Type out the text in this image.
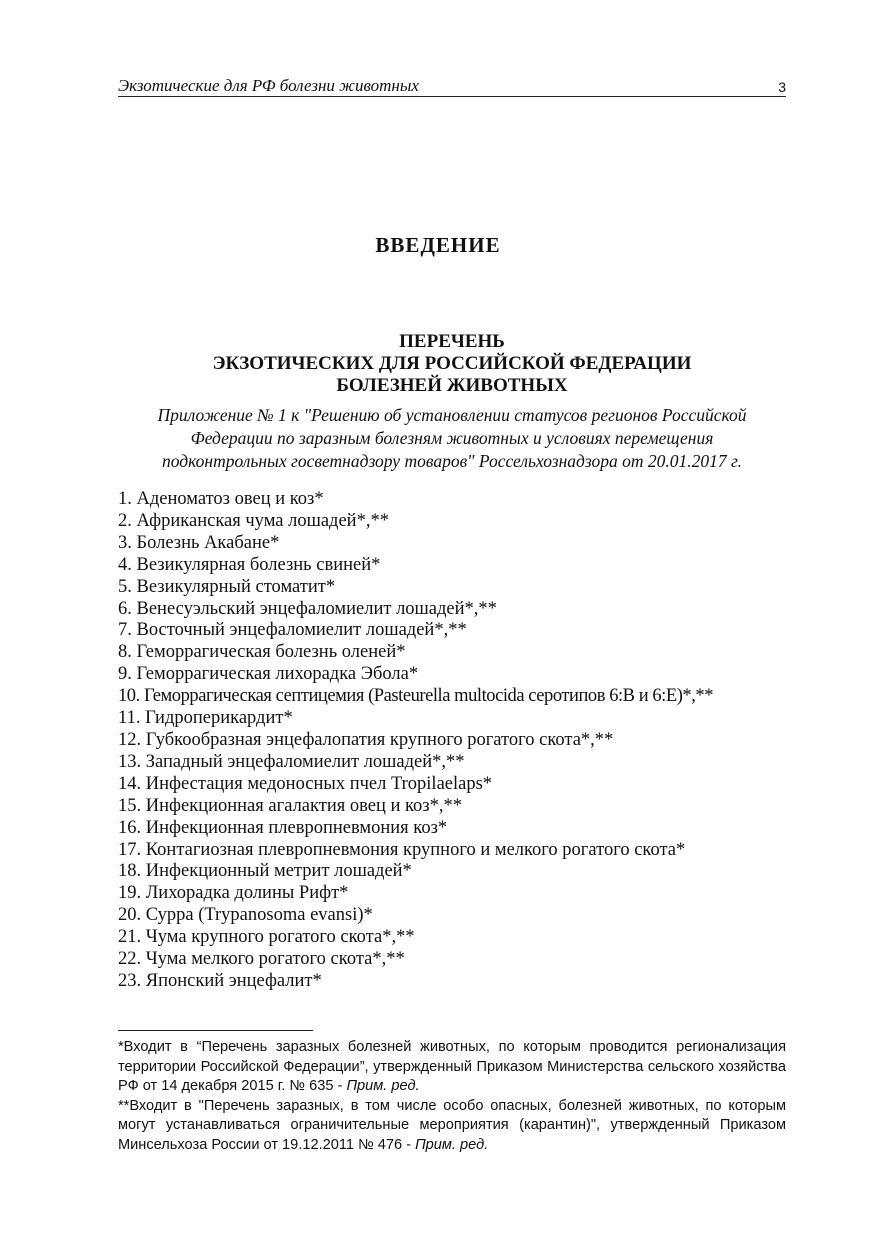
Экзотические для РФ болезни животных	3
ВВЕДЕНИЕ
ПЕРЕЧЕНЬ
ЭКЗОТИЧЕСКИХ ДЛЯ РОССИЙСКОЙ ФЕДЕРАЦИИ
БОЛЕЗНЕЙ ЖИВОТНЫХ
Приложение № 1 к "Решению об установлении статусов регионов Российской
Федерации по заразным болезням животных и условиях перемещения
подконтрольных госветнадзору товаров" Россельхознадзора от 20.01.2017 г.
1. Аденоматоз овец и коз*
2. Африканская чума лошадей*,**
3. Болезнь Акабане*
4. Везикулярная болезнь свиней*
5. Везикулярный стоматит*
6. Венесуэльский энцефаломиелит лошадей*,**
7. Восточный энцефаломиелит лошадей*,**
8. Геморрагическая болезнь оленей*
9. Геморрагическая лихорадка Эбола*
10. Геморрагическая септицемия (Pasteurella multocida серотипов 6:B и 6:E)*,**
11. Гидроперикардит*
12. Губкообразная энцефалопатия крупного рогатого скота*,**
13. Западный энцефаломиелит лошадей*,**
14. Инфестация медоносных пчел Tropilaelaps*
15. Инфекционная агалактия овец и коз*,**
16. Инфекционная плевропневмония коз*
17. Контагиозная плевропневмония крупного и мелкого рогатого скота*
18. Инфекционный метрит лошадей*
19. Лихорадка долины Рифт*
20. Сурра (Trypanosoma evansi)*
21. Чума крупного рогатого скота*,**
22. Чума мелкого рогатого скота*,**
23. Японский энцефалит*

*Входит в “Перечень заразных болезней животных, по которым проводится регионализация территории Российской Федерации”, утвержденный Приказом Министерства сельского хозяйства РФ от 14 декабря 2015 г. № 635 - Прим. ред.

**Входит в "Перечень заразных, в том числе особо опасных, болезней животных, по которым могут устанавливаться ограничительные мероприятия (карантин)", утвержденный Приказом Минсельхоза России от 19.12.2011 № 476 - Прим. ред.
